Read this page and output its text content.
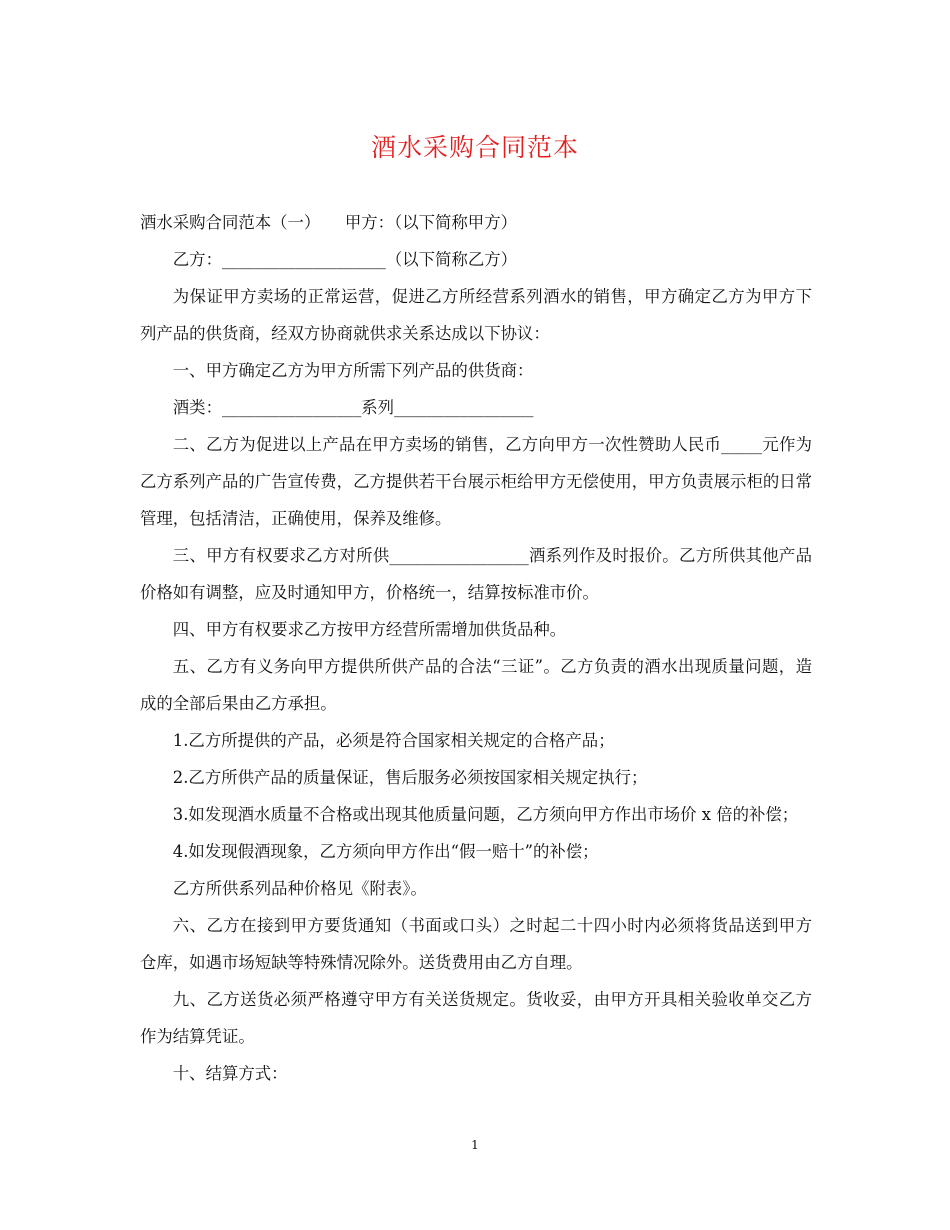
酒水采购合同范本

酒水采购合同范本（一）　　甲方：（以下简称甲方）

乙方：____________________（以下简称乙方）

为保证甲方卖场的正常运营，促进乙方所经营系列酒水的销售，甲方确定乙方为甲方下列产品的供货商，经双方协商就供求关系达成以下协议：

一、甲方确定乙方为甲方所需下列产品的供货商：

酒类：_________________系列_________________

二、乙方为促进以上产品在甲方卖场的销售，乙方向甲方一次性赞助人民币_____元作为乙方系列产品的广告宣传费，乙方提供若干台展示柜给甲方无偿使用，甲方负责展示柜的日常管理，包括清洁，正确使用，保养及维修。

三、甲方有权要求乙方对所供_________________酒系列作及时报价。乙方所供其他产品价格如有调整，应及时通知甲方，价格统一，结算按标准市价。

四、甲方有权要求乙方按甲方经营所需增加供货品种。

五、乙方有义务向甲方提供所供产品的合法“三证”。乙方负责的酒水出现质量问题，造成的全部后果由乙方承担。

1.乙方所提供的产品，必须是符合国家相关规定的合格产品；

2.乙方所供产品的质量保证，售后服务必须按国家相关规定执行；

3.如发现酒水质量不合格或出现其他质量问题，乙方须向甲方作出市场价 x 倍的补偿；

4.如发现假酒现象，乙方须向甲方作出“假一赔十”的补偿；

乙方所供系列品种价格见《附表》。

六、乙方在接到甲方要货通知（书面或口头）之时起二十四小时内必须将货品送到甲方仓库，如遇市场短缺等特殊情况除外。送货费用由乙方自理。

九、乙方送货必须严格遵守甲方有关送货规定。货收妥，由甲方开具相关验收单交乙方作为结算凭证。

十、结算方式：

1
